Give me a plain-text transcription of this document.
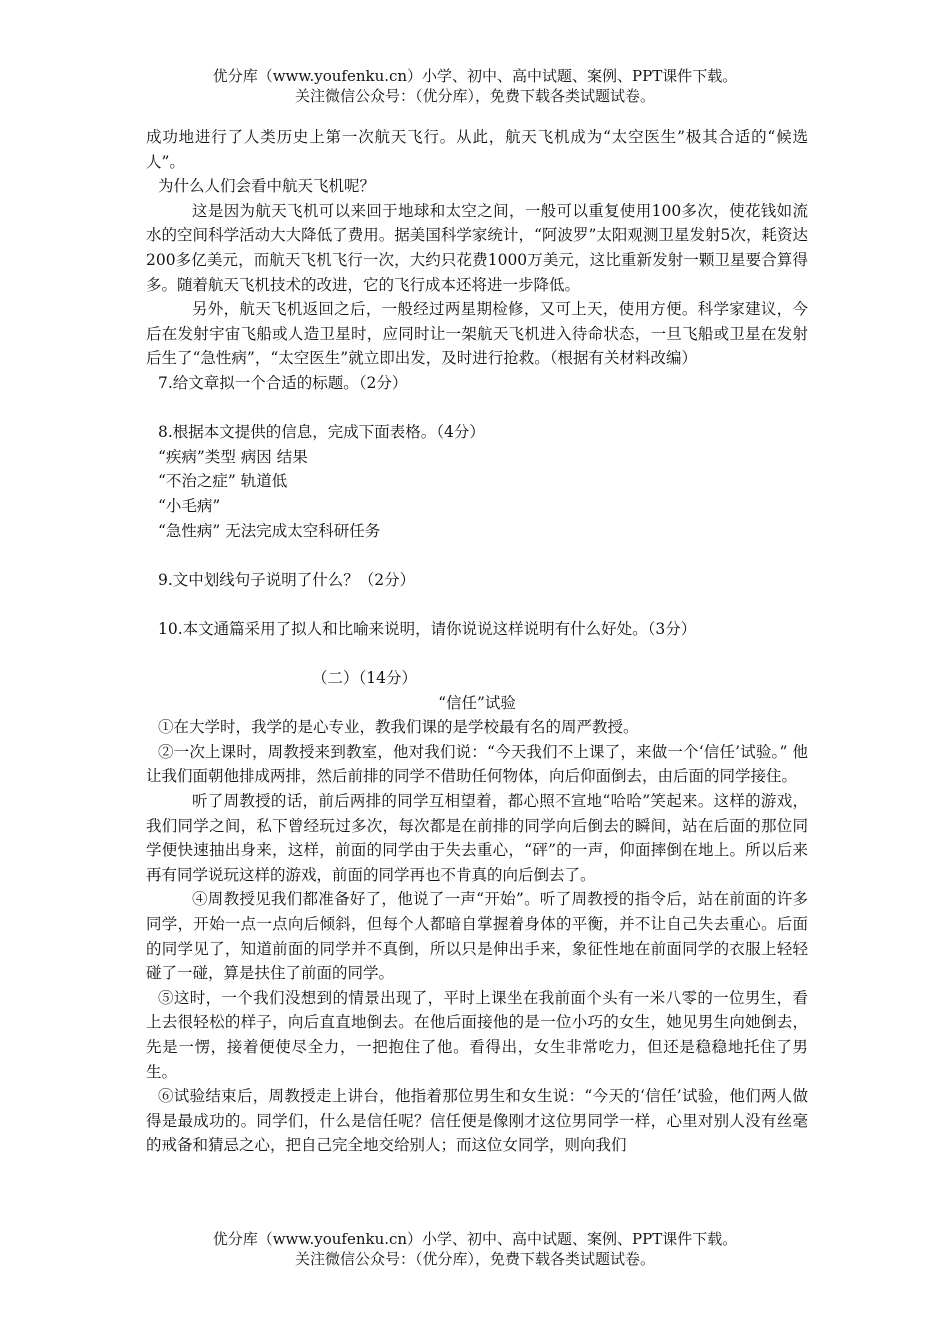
优分库（www.youfenku.cn）小学、初中、高中试题、案例、PPT课件下载。
关注微信公众号：（优分库），免费下载各类试题试卷。

成功地进行了人类历史上第一次航天飞行。从此，航天飞机成为“太空医生”极其合适的“候选人”。

为什么人们会看中航天飞机呢？

这是因为航天飞机可以来回于地球和太空之间，一般可以重复使用100多次，使花钱如流水的空间科学活动大大降低了费用。据美国科学家统计，“阿波罗”太阳观测卫星发射5次，耗资达200多亿美元，而航天飞机飞行一次，大约只花费1000万美元，这比重新发射一颗卫星要合算得多。随着航天飞机技术的改进，它的飞行成本还将进一步降低。

另外，航天飞机返回之后，一般经过两星期检修，又可上天，使用方便。科学家建议，今后在发射宇宙飞船或人造卫星时，应同时让一架航天飞机进入待命状态，一旦飞船或卫星在发射后生了“急性病”，“太空医生”就立即出发，及时进行抢救。（根据有关材料改编）

7.给文章拟一个合适的标题。（2分）

8.根据本文提供的信息，完成下面表格。（4分）

“疾病”类型 病因 结果

“不治之症” 轨道低

“小毛病”

“急性病” 无法完成太空科研任务

9.文中划线句子说明了什么？（2分）

10.本文通篇采用了拟人和比喻来说明，请你说说这样说明有什么好处。（3分）

（二）（14分）

“信任”试验

①在大学时，我学的是心专业，教我们课的是学校最有名的周严教授。

②一次上课时，周教授来到教室，他对我们说：“今天我们不上课了，来做一个‘信任’试验。” 他让我们面朝他排成两排，然后前排的同学不借助任何物体，向后仰面倒去，由后面的同学接住。

听了周教授的话，前后两排的同学互相望着，都心照不宣地“哈哈”笑起来。这样的游戏，我们同学之间，私下曾经玩过多次，每次都是在前排的同学向后倒去的瞬间，站在后面的那位同学便快速抽出身来，这样，前面的同学由于失去重心，“砰”的一声，仰面摔倒在地上。所以后来再有同学说玩这样的游戏，前面的同学再也不肯真的向后倒去了。

④周教授见我们都准备好了，他说了一声“开始”。听了周教授的指令后，站在前面的许多同学，开始一点一点向后倾斜，但每个人都暗自掌握着身体的平衡，并不让自己失去重心。后面的同学见了，知道前面的同学并不真倒，所以只是伸出手来，象征性地在前面同学的衣服上轻轻碰了一碰，算是扶住了前面的同学。

⑤这时，一个我们没想到的情景出现了，平时上课坐在我前面个头有一米八零的一位男生，看上去很轻松的样子，向后直直地倒去。在他后面接他的是一位小巧的女生，她见男生向她倒去，先是一愣，接着便使尽全力，一把抱住了他。看得出，女生非常吃力，但还是稳稳地托住了男生。

⑥试验结束后，周教授走上讲台，他指着那位男生和女生说：“今天的‘信任’试验，他们两人做得是最成功的。同学们，什么是信任呢？信任便是像刚才这位男同学一样，心里对别人没有丝毫的戒备和猜忌之心，把自己完全地交给别人；而这位女同学，则向我们

优分库（www.youfenku.cn）小学、初中、高中试题、案例、PPT课件下载。
关注微信公众号：（优分库），免费下载各类试题试卷。
